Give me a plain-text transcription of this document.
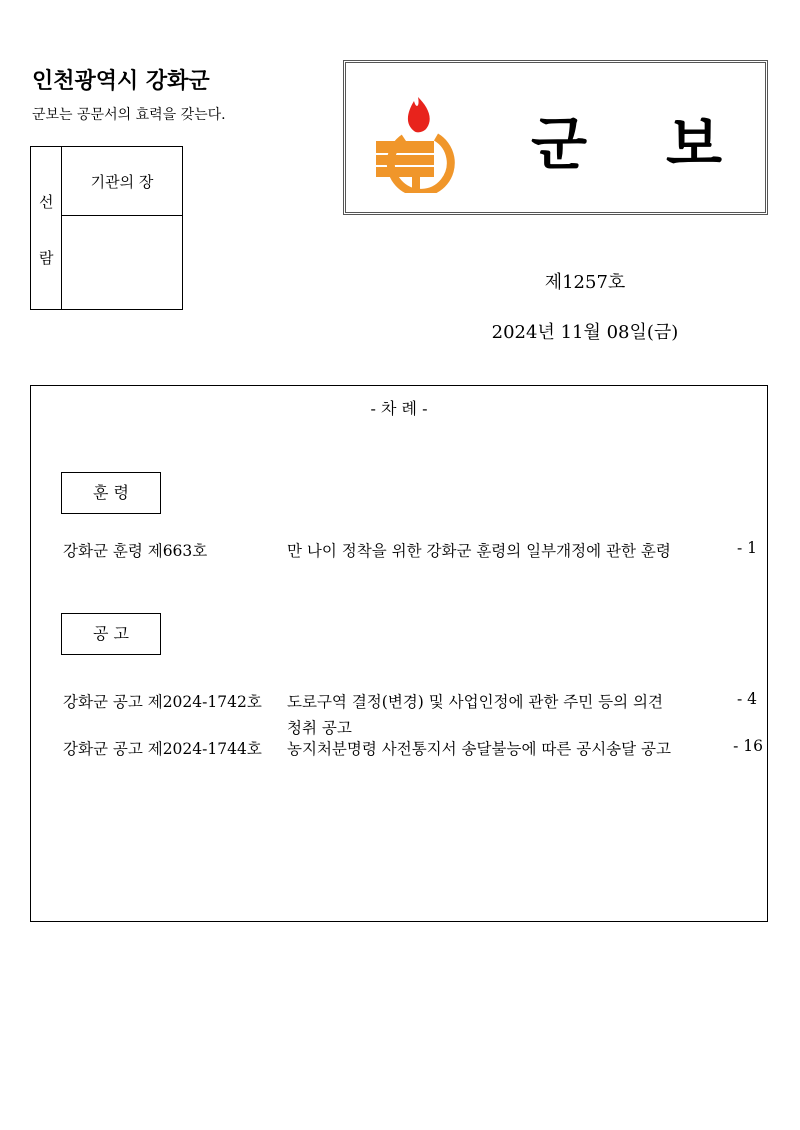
인천광역시 강화군
군보는 공문서의 효력을 갖는다.
선
람
기관의 장
군 보
제1257호
2024년 11월 08일(금)
- 차 례 -
훈 령
강화군 훈령 제663호	만 나이 정착을 위한 강화군 훈령의 일부개정에 관한 훈령	- 1
공 고
강화군 공고 제2024-1742호 도로구역 결정(변경) 및 사업인정에 관한 주민 등의 의견	- 4
청취 공고
강화군 공고 제2024-1744호 농지처분명령 사전통지서 송달불능에 따른 공시송달 공고	- 16
